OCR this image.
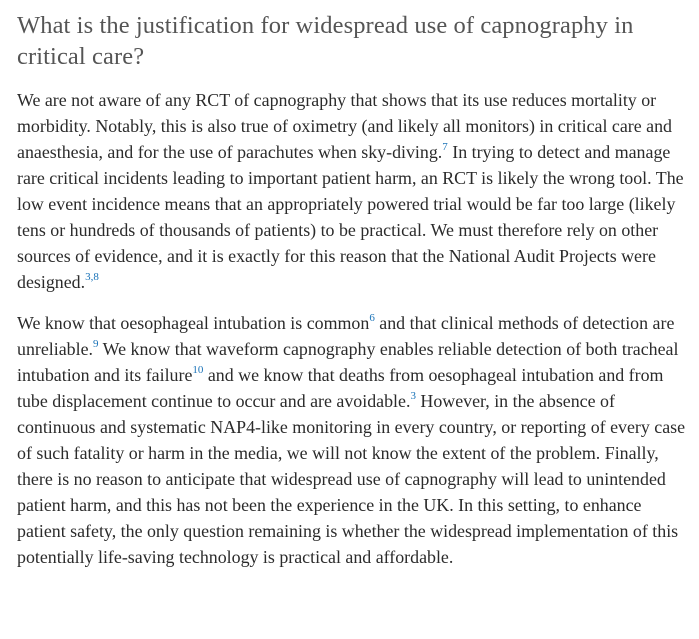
What is the justification for widespread use of capnography in critical care?

We are not aware of any RCT of capnography that shows that its use reduces mortality or morbidity. Notably, this is also true of oximetry (and likely all monitors) in critical care and anaesthesia, and for the use of parachutes when sky-diving.$^7$ In trying to detect and manage rare critical incidents leading to important patient harm, an RCT is likely the wrong tool. The low event incidence means that an appropriately powered trial would be far too large (likely tens or hundreds of thousands of patients) to be practical. We must therefore rely on other sources of evidence, and it is exactly for this reason that the National Audit Projects were designed.$^{3,8}$

We know that oesophageal intubation is common$^6$ and that clinical methods of detection are unreliable.$^9$ We know that waveform capnography enables reliable detection of both tracheal intubation and its failure$^{10}$ and we know that deaths from oesophageal intubation and from tube displacement continue to occur and are avoidable.$^3$ However, in the absence of continuous and systematic NAP4-like monitoring in every country, or reporting of every case of such fatality or harm in the media, we will not know the extent of the problem. Finally, there is no reason to anticipate that widespread use of capnography will lead to unintended patient harm, and this has not been the experience in the UK. In this setting, to enhance patient safety, the only question remaining is whether the widespread implementation of this potentially life-saving technology is practical and affordable.
